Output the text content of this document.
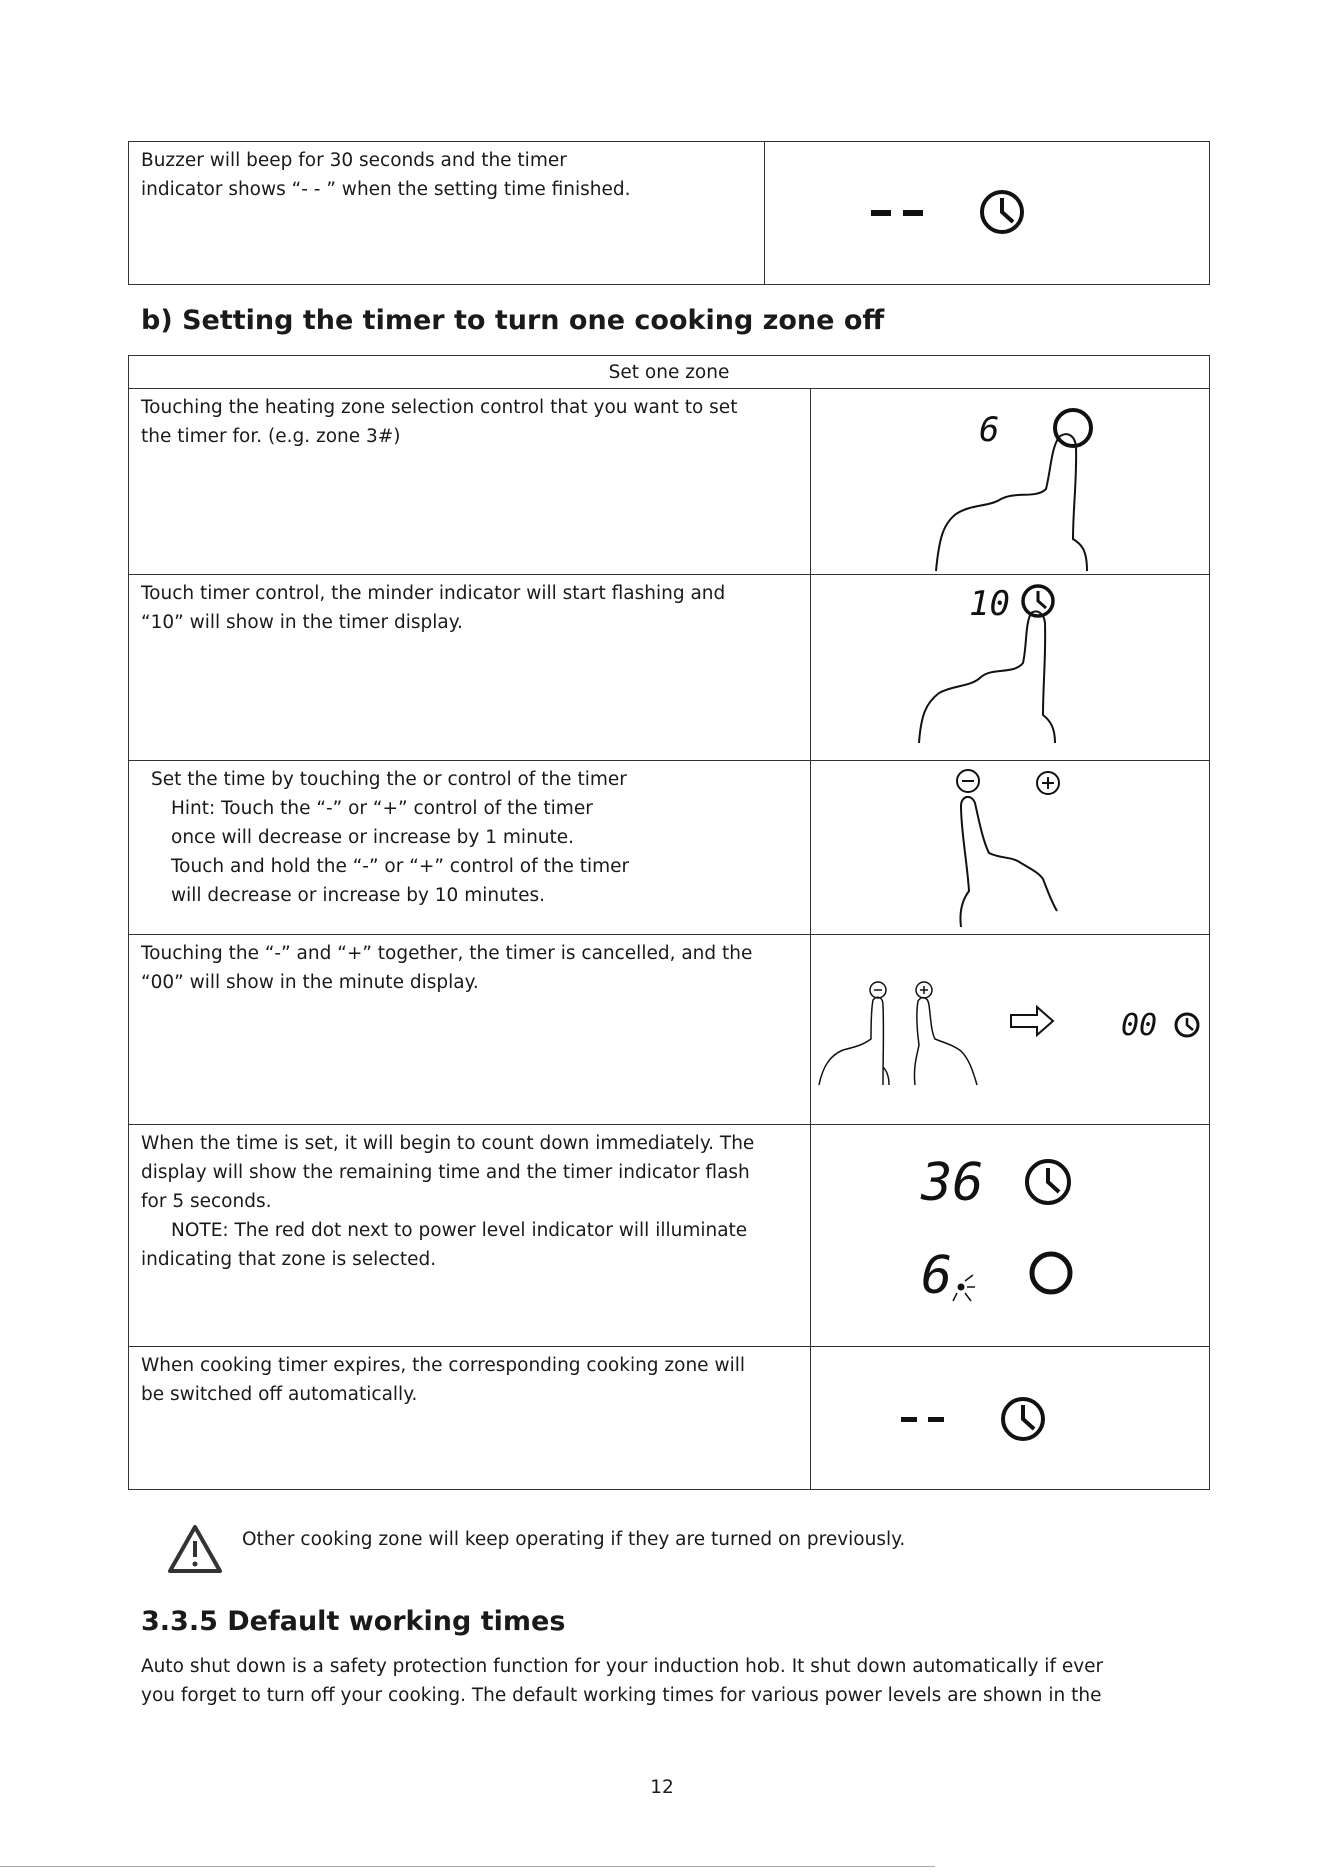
Buzzer will beep for 30 seconds and the timer
indicator shows “- - ” when the setting time finished.	
b) Setting the timer to turn one cooking zone off
Set one zone	
Touching the heating zone selection control that you want to set
the timer for. (e.g. zone 3#)	6

Touch timer control, the minder indicator will start flashing and
“10” will show in the timer display.	10

Set the time by touching the or control of the timer
Hint: Touch the “-” or “+” control of the timer
once will decrease or increase by 1 minute.
Touch and hold the “-” or “+” control of the timer
will decrease or increase by 10 minutes.

Touching the “-” and “+” together, the timer is cancelled, and the
“00” will show in the minute display.	00

When the time is set, it will begin to count down immediately. The
display will show the remaining time and the timer indicator flash
for 5 seconds.
NOTE: The red dot next to power level indicator will illuminate
indicating that zone is selected.	36
6

When cooking timer expires, the corresponding cooking zone will
be switched off automatically.	
Other cooking zone will keep operating if they are turned on previously.
3.3.5 Default working times
Auto shut down is a safety protection function for your induction hob. It shut down automatically if ever
you forget to turn off your cooking. The default working times for various power levels are shown in the
12
